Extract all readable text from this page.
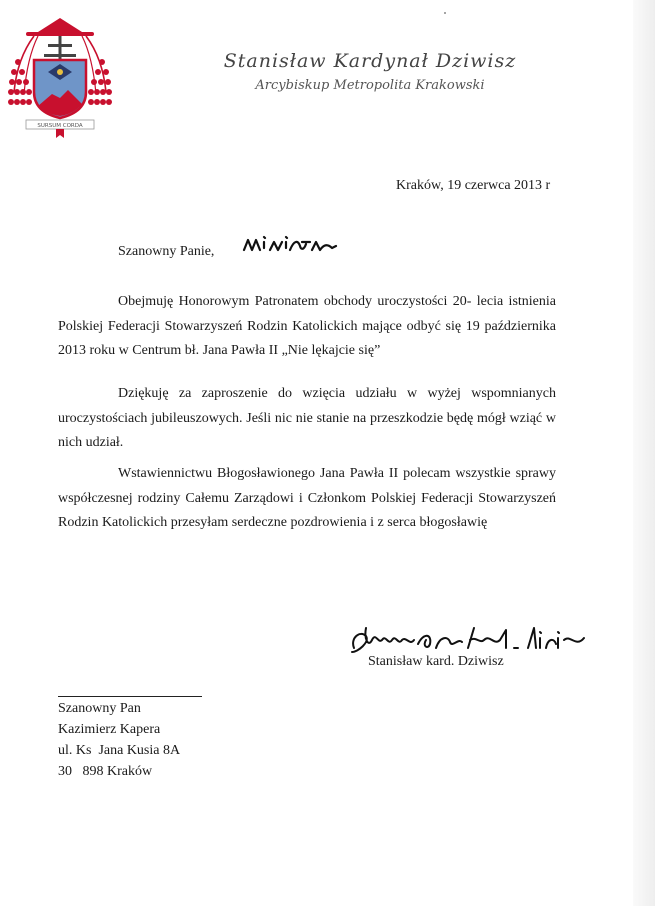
SURSUM CORDA
Stanisław Kardynał Dziwisz
Arcybiskup Metropolita Krakowski
Kraków, 19 czerwca 2013 r
Szanowny Panie,
Obejmuję Honorowym Patronatem obchody uroczystości 20- lecia istnienia Polskiej Federacji Stowarzyszeń Rodzin Katolickich mające odbyć się 19 października 2013 roku w Centrum bł. Jana Pawła II „Nie lękajcie się”
Dziękuję za zaproszenie do wzięcia udziału w wyżej wspomnianych uroczystościach jubileuszowych. Jeśli nic nie stanie na przeszkodzie będę mógł wziąć w nich udział.
Wstawiennictwu Błogosławionego Jana Pawła II polecam wszystkie sprawy współczesnej rodziny Całemu Zarządowi i Członkom Polskiej Federacji Stowarzyszeń Rodzin Katolickich przesyłam serdeczne pozdrowienia i z serca błogosławię
Stanisław kard. Dziwisz
Szanowny Pan
Kazimierz Kapera
ul. Ks  Jana Kusia 8A
30   898 Kraków
